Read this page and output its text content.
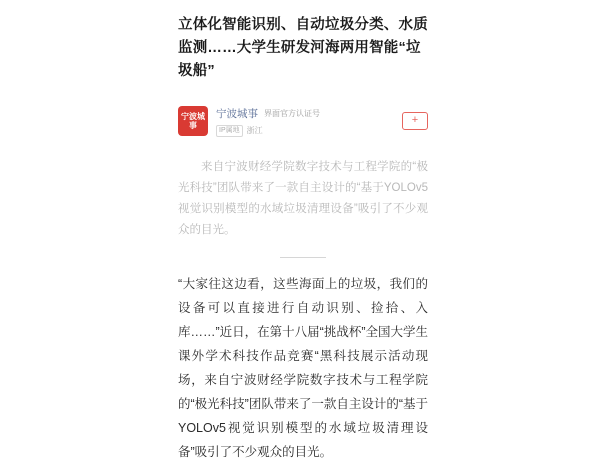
立体化智能识别、自动垃圾分类、水质监测……大学生研发河海两用智能“垃圾船”
宁波城事
宁波城事 界面官方认证号
IP属地 浙江
+
来自宁波财经学院数字技术与工程学院的“极光科技”团队带来了一款自主设计的“基于YOLOv5视觉识别模型的水域垃圾清理设备”吸引了不少观众的目光。

“大家往这边看，这些海面上的垃圾，我们的设备可以直接进行自动识别、捡拾、入库……”近日，在第十八届“挑战杯”全国大学生课外学术科技作品竞赛“黑科技展示活动现场，来自宁波财经学院数字技术与工程学院的“极光科技”团队带来了一款自主设计的“基于YOLOv5视觉识别模型的水域垃圾清理设备”吸引了不少观众的目光。
